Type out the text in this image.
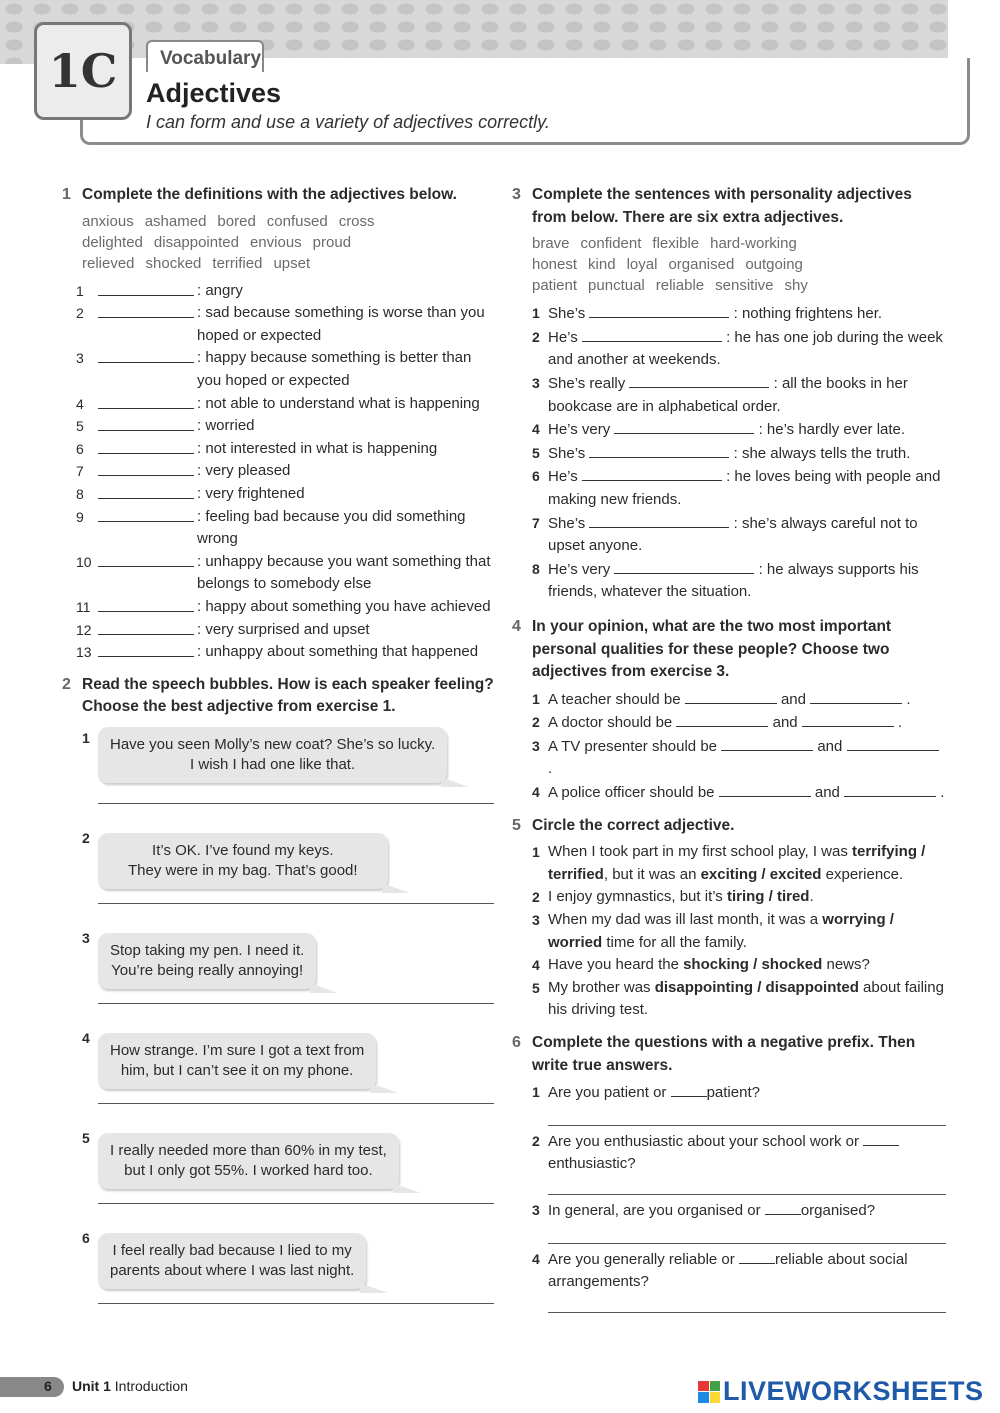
1C	Vocabulary
Adjectives
I can form and use a variety of adjectives correctly.
1 Complete the definitions with the adjectives below.
anxious ashamed bored confused cross
delighted disappointed envious proud
relieved shocked terrified upset
1	: angry
2	: sad because something is worse than you hoped or expected
3	: happy because something is better than you hoped or expected
4	: not able to understand what is happening
5	: worried
6	: not interested in what is happening
7	: very pleased
8	: very frightened
9	: feeling bad because you did something wrong
10	: unhappy because you want something that belongs to somebody else
11	: happy about something you have achieved
12	: very surprised and upset
13	: unhappy about something that happened
2 Read the speech bubbles. How is each speaker feeling? Choose the best adjective from exercise 1.
1 Have you seen Molly’s new coat? She’s so lucky.
I wish I had one like that.
2
It’s OK. I’ve found my keys.
They were in my bag. That’s good!
3
Stop taking my pen. I need it.
You’re being really annoying!
4
How strange. I’m sure I got a text from
him, but I can’t see it on my phone.
5
I really needed more than 60% in my test,
but I only got 55%. I worked hard too.
6
I feel really bad because I lied to my
parents about where I was last night.
3 Complete the sentences with personality adjectives from below. There are six extra adjectives.
brave confident flexible hard-working
honest kind loyal organised outgoing
patient punctual reliable sensitive shy
1 She’s	: nothing frightens her.
2 He’s	: he has one job during the week and another at weekends.
3 She’s really	: all the books in her bookcase are in alphabetical order.
4 He’s very	: he’s hardly ever late.
5 She’s	: she always tells the truth.
6 He’s	: he loves being with people and making new friends.
7 She’s	: she’s always careful not to upset anyone.
8 He’s very	: he always supports his friends, whatever the situation.
4 In your opinion, what are the two most important personal qualities for these people? Choose two adjectives from exercise 3.
1 A teacher should be	and	.
2 A doctor should be	and	.
3 A TV presenter should be	and  .
4 A police officer should be	and	.
5 Circle the correct adjective.
1 When I took part in my first school play, I was terrifying / terrified, but it was an exciting / excited experience.
2 I enjoy gymnastics, but it’s tiring / tired.
3 When my dad was ill last month, it was a worrying / worried time for all the family.
4 Have you heard the shocking / shocked news?
5 My brother was disappointing / disappointed about failing his driving test.
6 Complete the questions with a negative prefix. Then write true answers.
1 Are you patient or	patient?
2 Are you enthusiastic about your school work or enthusiastic?
3 In general, are you organised or	organised?
4 Are you generally reliable or	reliable about social arrangements?
6 Unit 1 Introduction	LIVEWORKSHEETS
